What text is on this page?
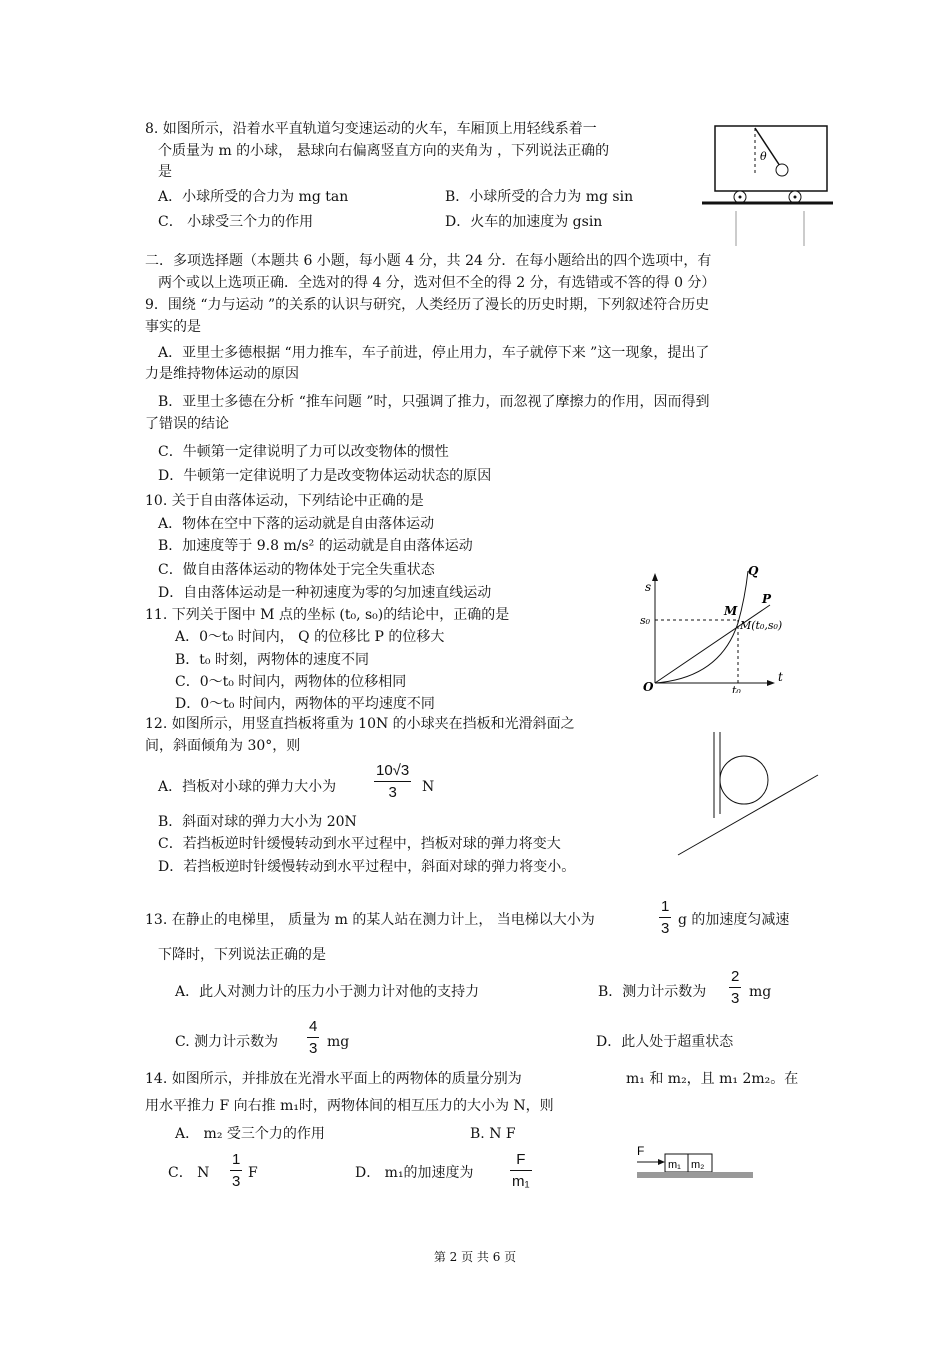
8. 如图所示，沿着水平直轨道匀变速运动的火车，车厢顶上用轻线系着一
个质量为 m 的小球， 悬球向右偏离竖直方向的夹角为 ，下列说法正确的
是
A．小球所受的合力为 mg tan	B．小球所受的合力为 mg sin
C． 小球受三个力的作用	D．火车的加速度为 gsin
θ
二．多项选择题（本题共 6 小题，每小题 4 分，共 24 分．在每小题给出的四个选项中，有
两个或以上选项正确．全选对的得 4 分，选对但不全的得 2 分，有选错或不答的得 0 分）
9．围绕 “力与运动 ”的关系的认识与研究，人类经历了漫长的历史时期，下列叙述符合历史
事实的是
A．亚里士多德根据 “用力推车，车子前进，停止用力，车子就停下来 ”这一现象，提出了
力是维持物体运动的原因
B．亚里士多德在分析 “推车问题 ”时，只强调了推力，而忽视了摩擦力的作用，因而得到
了错误的结论
C．牛顿第一定律说明了力可以改变物体的惯性
D．牛顿第一定律说明了力是改变物体运动状态的原因
10. 关于自由落体运动，下列结论中正确的是
A．物体在空中下落的运动就是自由落体运动
B．加速度等于 9.8 m/s² 的运动就是自由落体运动
C．做自由落体运动的物体处于完全失重状态
D．自由落体运动是一种初速度为零的匀加速直线运动
11. 下列关于图中 M 点的坐标 (t₀, s₀)的结论中，正确的是
A．0～t₀ 时间内， Q 的位移比 P 的位移大
B．t₀ 时刻，两物体的速度不同
C．0～t₀ 时间内，两物体的位移相同
D．0～t₀ 时间内，两物体的平均速度不同
s
t
O
s₀
t₀
Q
P
M
M(t₀,s₀)
12. 如图所示，用竖直挡板将重为 10N 的小球夹在挡板和光滑斜面之
间，斜面倾角为 30°，则
A．挡板对小球的弹力大小为
10√3
3	N
B．斜面对球的弹力大小为 20N
C．若挡板逆时针缓慢转动到水平过程中，挡板对球的弹力将变大
D．若挡板逆时针缓慢转动到水平过程中，斜面对球的弹力将变小。
13. 在静止的电梯里， 质量为 m 的某人站在测力计上， 当电梯以大小为
1
3 g 的加速度匀减速
下降时，下列说法正确的是
A．此人对测力计的压力小于测力计对他的支持力	B．测力计示数为
2
3 mg
C. 测力计示数为
4
3 mg	D．此人处于超重状态
14. 如图所示，并排放在光滑水平面上的两物体的质量分别为	m₁ 和 m₂，且 m₁ 2m₂。在
用水平推力 F 向右推 m₁时，两物体间的相互压力的大小为 N，则
A． m₂ 受三个力的作用	B. N F
C． N
1
3 F	D． m₁的加速度为
F
m₁
F
m₁ m₂
第 2 页 共 6 页
